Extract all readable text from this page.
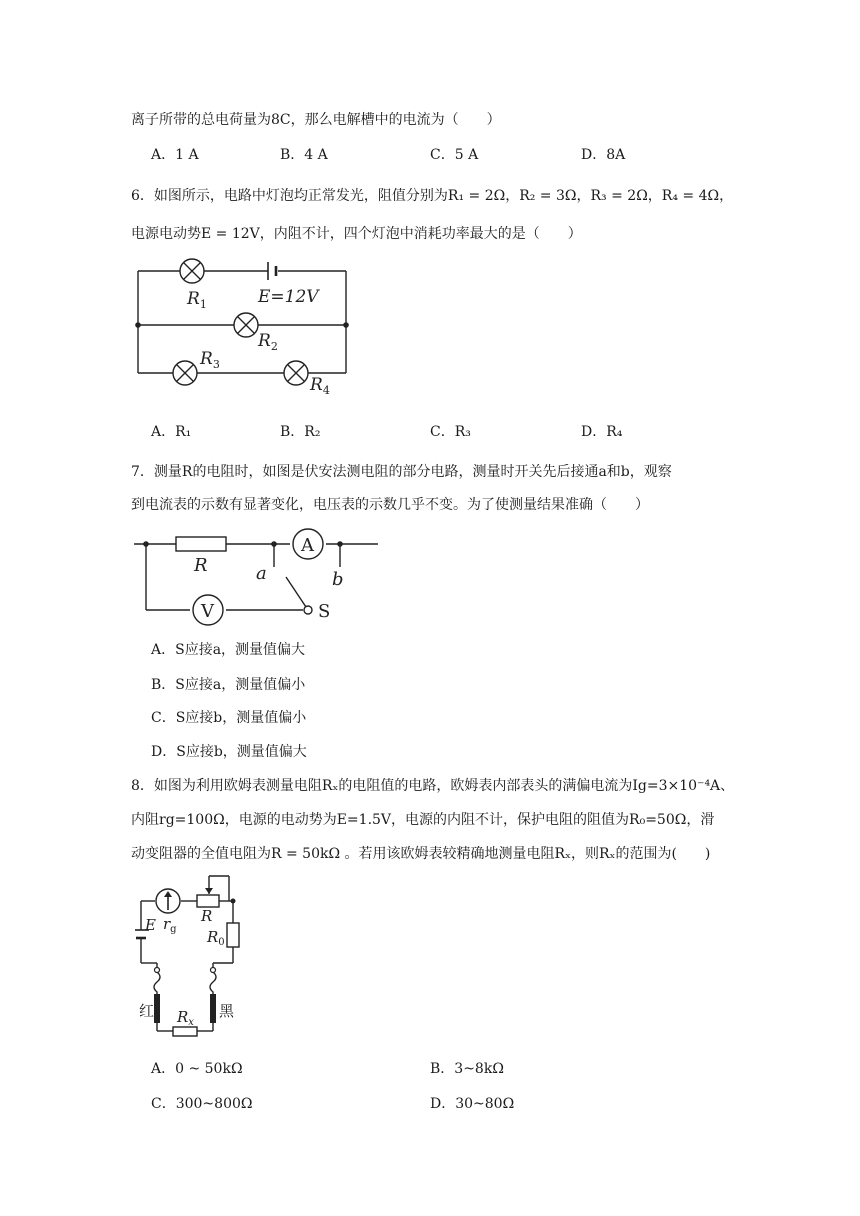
离子所带的总电荷量为8C，那么电解槽中的电流为（　　）
A．1 A	B．4 A	C．5 A	D．8A
6．如图所示，电路中灯泡均正常发光，阻值分别为R₁ = 2Ω，R₂ = 3Ω，R₃ = 2Ω，R₄ = 4Ω，
电源电动势E = 12V，内阻不计，四个灯泡中消耗功率最大的是（　　）
$R_1$	E=12V
$R_2$
$R_3$
$R_4$
A．R₁	B．R₂	C．R₃	D．R₄
7．测量R的电阻时，如图是伏安法测电阻的部分电路，测量时开关先后接通a和b，观察
到电流表的示数有显著变化，电压表的示数几乎不变。为了使测量结果准确（　　）
A
V
R	a	b
S
A．S应接a，测量值偏大
B．S应接a，测量值偏小
C．S应接b，测量值偏小
D．S应接b，测量值偏大
8．如图为利用欧姆表测量电阻Rₓ的电阻值的电路，欧姆表内部表头的满偏电流为Ig=3×10⁻⁴A、
内阻rg=100Ω，电源的电动势为E=1.5V，电源的内阻不计，保护电阻的阻值为R₀=50Ω，滑
动变阻器的全值电阻为R = 50kΩ 。若用该欧姆表较精确地测量电阻Rₓ，则Rₓ的范围为(　　)
$r_g$
R
E
$R_0$
红	黑
$R_x$
A．0 ~ 50kΩ	B．3~8kΩ
C．300~800Ω	D．30~80Ω
